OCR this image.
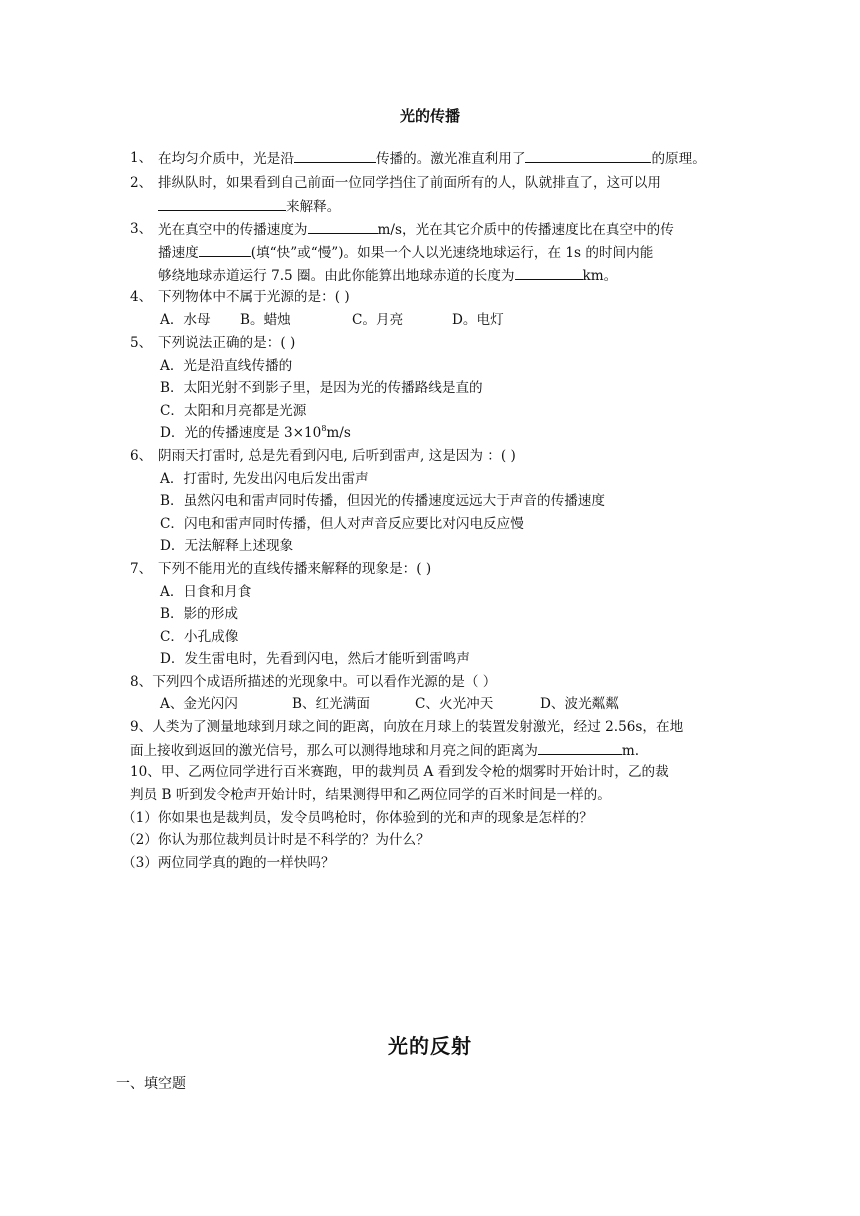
光的传播
1、 在均匀介质中，光是沿	传播的。激光准直利用了	的原理。
2、 排纵队时，如果看到自己前面一位同学挡住了前面所有的人，队就排直了，这可以用
来解释。
3、 光在真空中的传播速度为	m/s，光在其它介质中的传播速度比在真空中的传
播速度	(填“快”或“慢”)。如果一个人以光速绕地球运行，在 1s 的时间内能
够绕地球赤道运行 7.5 圈。由此你能算出地球赤道的长度为	km。
4、 下列物体中不属于光源的是：( )
A．水母 B。蜡烛	C。月亮	D。电灯
5、 下列说法正确的是：( )
A．光是沿直线传播的
B．太阳光射不到影子里，是因为光的传播路线是直的
C．太阳和月亮都是光源
D．光的传播速度是 $3\times 10^8m/s$
6、 阴雨天打雷时, 总是先看到闪电, 后听到雷声, 这是因为 ：( )
A．打雷时, 先发出闪电后发出雷声
B．虽然闪电和雷声同时传播，但因光的传播速度远远大于声音的传播速度
C．闪电和雷声同时传播，但人对声音反应要比对闪电反应慢
D．无法解释上述现象
7、 下列不能用光的直线传播来解释的现象是：( )
A．日食和月食
B．影的形成
C．小孔成像
D．发生雷电时，先看到闪电，然后才能听到雷鸣声
8、下列四个成语所描述的光现象中。可以看作光源的是（ ）
A、金光闪闪	B、红光满面	C、火光冲天	D、波光粼粼
9、人类为了测量地球到月球之间的距离，向放在月球上的装置发射激光，经过 2.56s，在地
面上接收到返回的激光信号，那么可以测得地球和月亮之间的距离为	m.
10、甲、乙两位同学进行百米赛跑，甲的裁判员 A 看到发令枪的烟雾时开始计时，乙的裁
判员 B 听到发令枪声开始计时，结果测得甲和乙两位同学的百米时间是一样的。
（1）你如果也是裁判员，发令员鸣枪时，你体验到的光和声的现象是怎样的？
（2）你认为那位裁判员计时是不科学的？为什么？
（3）两位同学真的跑的一样快吗？
光的反射
一、填空题
